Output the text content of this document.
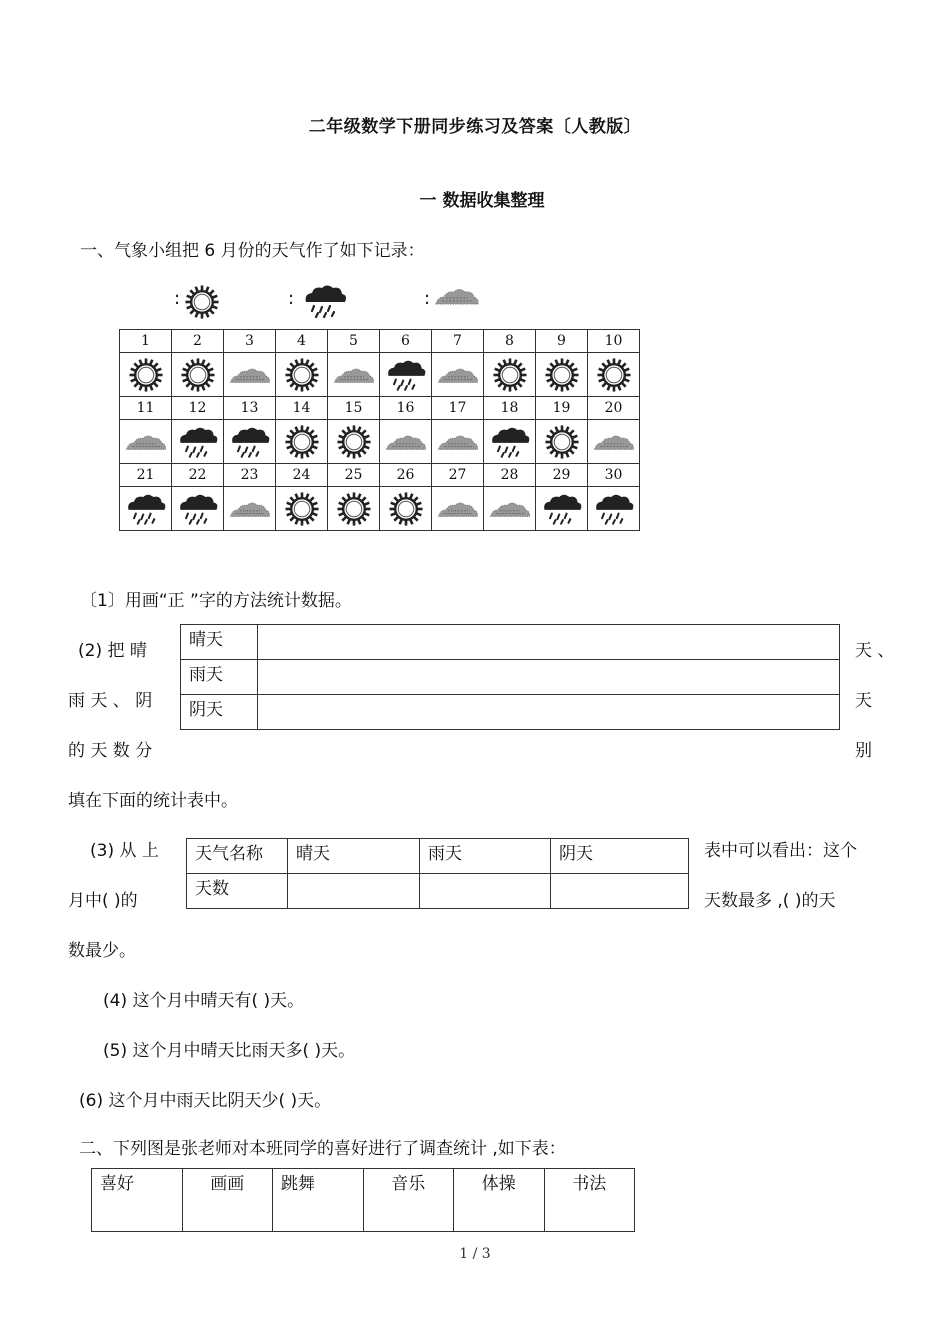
二年级数学下册同步练习及答案〔人教版〕
一 数据收集整理
一、气象小组把 6 月份的天气作了如下记录：
:	:	:
1	2	3	4	5	6	7	8	9	10

11	12	13	14	15	16	17	18	19	20

21	22	23	24	25	26	27	28	29	30

〔1〕用画“正 ”字的方法统计数据。
(2) 把 晴
雨 天 、 阴
的 天 数 分
天 、
天
别
填在下面的统计表中。
晴天	
雨天	
阴天	
(3) 从 上
月中( )的
表中可以看出：这个
天数最多 ,( )的天
数最少。
天气名称	晴天	雨天	阴天
天数			
(4) 这个月中晴天有( )天。
(5) 这个月中晴天比雨天多( )天。
(6) 这个月中雨天比阴天少( )天。
二、下列图是张老师对本班同学的喜好进行了调查统计 ,如下表：
喜好	画画	跳舞	音乐	体操	书法
1 / 3
